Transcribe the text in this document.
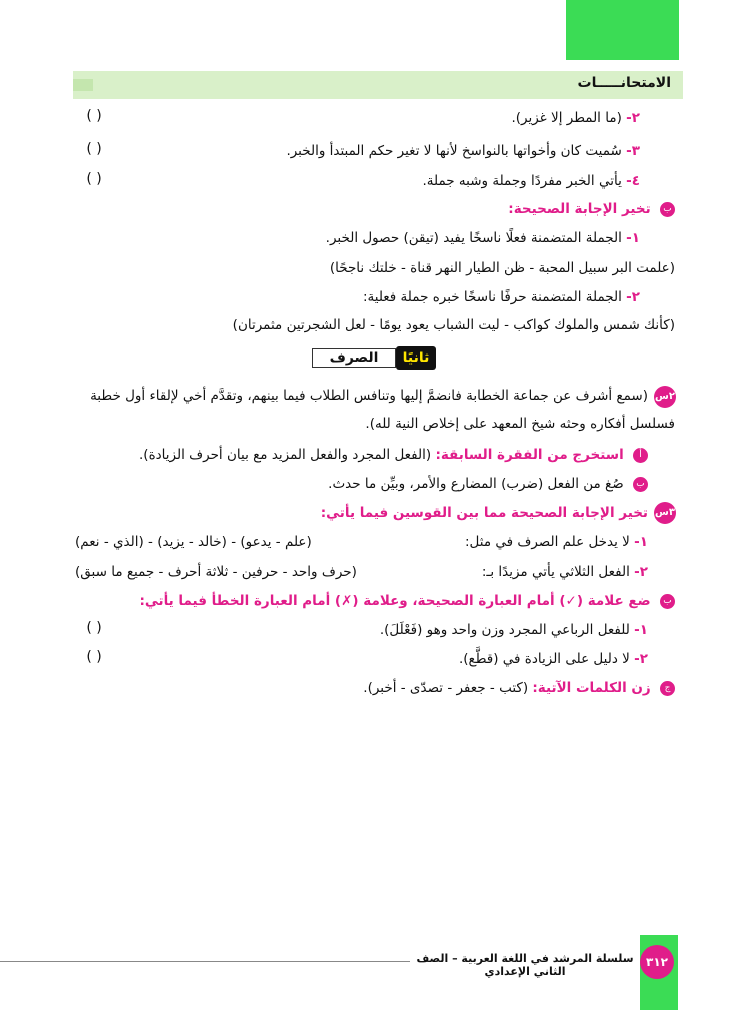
الامتحانـــــات
٢- (ما المطر إلا غزير).
( )
٣- سُميت كان وأخواتها بالنواسخ لأنها لا تغير حكم المبتدأ والخبر.
( )
٤- يأتي الخبر مفردًا وجملة وشبه جملة.
( )
ب تخير الإجابة الصحيحة:
١- الجملة المتضمنة فعلًا ناسخًا يفيد (تيقن) حصول الخبر.
(علمت البر سبيل المحبة - ظن الطيار النهر قناة - خلتك ناجحًا)
٢- الجملة المتضمنة حرفًا ناسخًا خبره جملة فعلية:
(كأنك شمس والملوك كواكب - ليت الشباب يعود يومًا - لعل الشجرتين مثمرتان)
الصرف	ثانيًا
٢س
(سمع أشرف عن جماعة الخطابة فانضمَّ إليها وتنافس الطلاب فيما بينهم، وتقدَّم أخي لإلقاء أول خطبة
فسلسل أفكاره وحثه شيخ المعهد على إخلاص النية لله).
أ استخرج من الفقرة السابقة: (الفعل المجرد والفعل المزيد مع بيان أحرف الزيادة).
ب صُغ من الفعل (ضرب) المضارع والأمر، وبيِّن ما حدث.
٣س
تخير الإجابة الصحيحة مما بين القوسين فيما يأتي:
١- لا يدخل علم الصرف في مثل:
(علم - يدعو) - (خالد - يزيد) - (الذي - نعم)
٢- الفعل الثلاثي يأتي مزيدًا بـ:
(حرف واحد - حرفين - ثلاثة أحرف - جميع ما سبق)
ب ضع علامة (✓) أمام العبارة الصحيحة، وعلامة (✗) أمام العبارة الخطأ فيما يأتي:
١- للفعل الرباعي المجرد وزن واحد وهو (فَعْلَلَ).
( )
٢- لا دليل على الزيادة في (قطَّع).
( )
ج زن الكلمات الآتية: (كتب - جعفر - تصدّى - أخبر).
سلسلة المرشد في اللغة العربية – الصف الثاني الإعدادي
٣١٢
